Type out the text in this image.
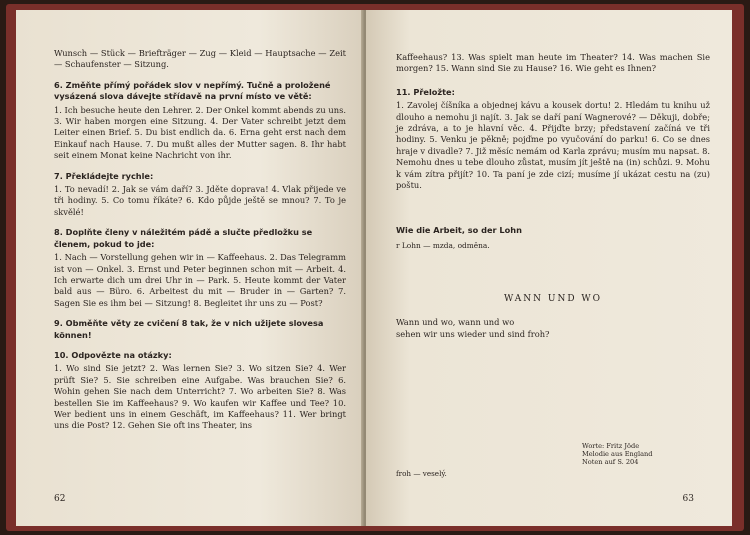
Wunsch — Stück — Briefträger — Zug — Kleid — Hauptsache — Zeit — Schaufenster — Sitzung.

6. Změňte přímý pořádek slov v nepřímý. Tučně a proložené vysázená slova dávejte střídavě na první místo ve větě:

1. Ich besuche heute den Lehrer. 2. Der Onkel kommt abends zu uns. 3. Wir haben morgen eine Sitzung. 4. Der Vater schreibt jetzt dem Leiter einen Brief. 5. Du bist endlich da. 6. Erna geht erst nach dem Einkauf nach Hause. 7. Du mußt alles der Mutter sagen. 8. Ihr habt seit einem Monat keine Nachricht von ihr.

7. Překládejte rychle:

1. To nevadí! 2. Jak se vám daří? 3. Jděte dopravа! 4. Vlak přijede ve tři hodiny. 5. Co tomu říkáte? 6. Kdo půjde ještě se mnou? 7. To je skvělé!

8. Doplňte členy v náležitém pádě a slučte předložku se členem, pokud to jde:

1. Nach — Vorstellung gehen wir in — Kaffeehaus. 2. Das Telegramm ist von — Onkel. 3. Ernst und Peter beginnen schon mit — Arbeit. 4. Ich erwarte dich um drei Uhr in — Park. 5. Heute kommt der Vater bald aus — Büro. 6. Arbeitest du mit — Bruder in — Garten? 7. Sagen Sie es ihm bei — Sitzung! 8. Begleitet ihr uns zu — Post?

9. Obměňte věty ze cvičení 8 tak, že v nich užijete slovesa können!

10. Odpovězte na otázky:

1. Wo sind Sie jetzt? 2. Was lernen Sie? 3. Wo sitzen Sie? 4. Wer prüft Sie? 5. Sie schreiben eine Aufgabe. Was brauchen Sie? 6. Wohin gehen Sie nach dem Unterricht? 7. Wo arbeiten Sie? 8. Was bestellen Sie im Kaffeehaus? 9. Wo kaufen wir Kaffee und Tee? 10. Wer bedient uns in einem Geschäft, im Kaffeehaus? 11. Wer bringt uns die Post? 12. Gehen Sie oft ins Theater, ins

62

Kaffeehaus? 13. Was spielt man heute im Theater? 14. Was machen Sie morgen? 15. Wann sind Sie zu Hause? 16. Wie geht es Ihnen?

11. Přeložte:

1. Zavolej číšníka a objednej kávu a kousek dortu! 2. Hledám tu knihu už dlouho a nemohu ji najít. 3. Jak se daří paní Wagnerové? — Děkuji, dobře; je zdráva, a to je hlavní věc. 4. Přijďte brzy; představení začíná ve tři hodiny. 5. Venku je pěkně; pojďme po vyučování do parku! 6. Co se dnes hraje v divadle? 7. Již měsíc nemám od Karla zprávu; musím mu napsat. 8. Nemohu dnes u tebe dlouho zůstat, musím jít ještě na (in) schůzi. 9. Mohu k vám zítra přijít? 10. Ta paní je zde cizí; musíme jí ukázat cestu na (zu) poštu.

Wie die Arbeit, so der Lohn

r Lohn — mzda, odměna.

WANN UND WO

Wann und wo, wann und wo

sehen wir uns wieder und sind froh?

Worte: Fritz Jöde
Melodie aus England
Noten auf S. 204
froh — veselý.
63
